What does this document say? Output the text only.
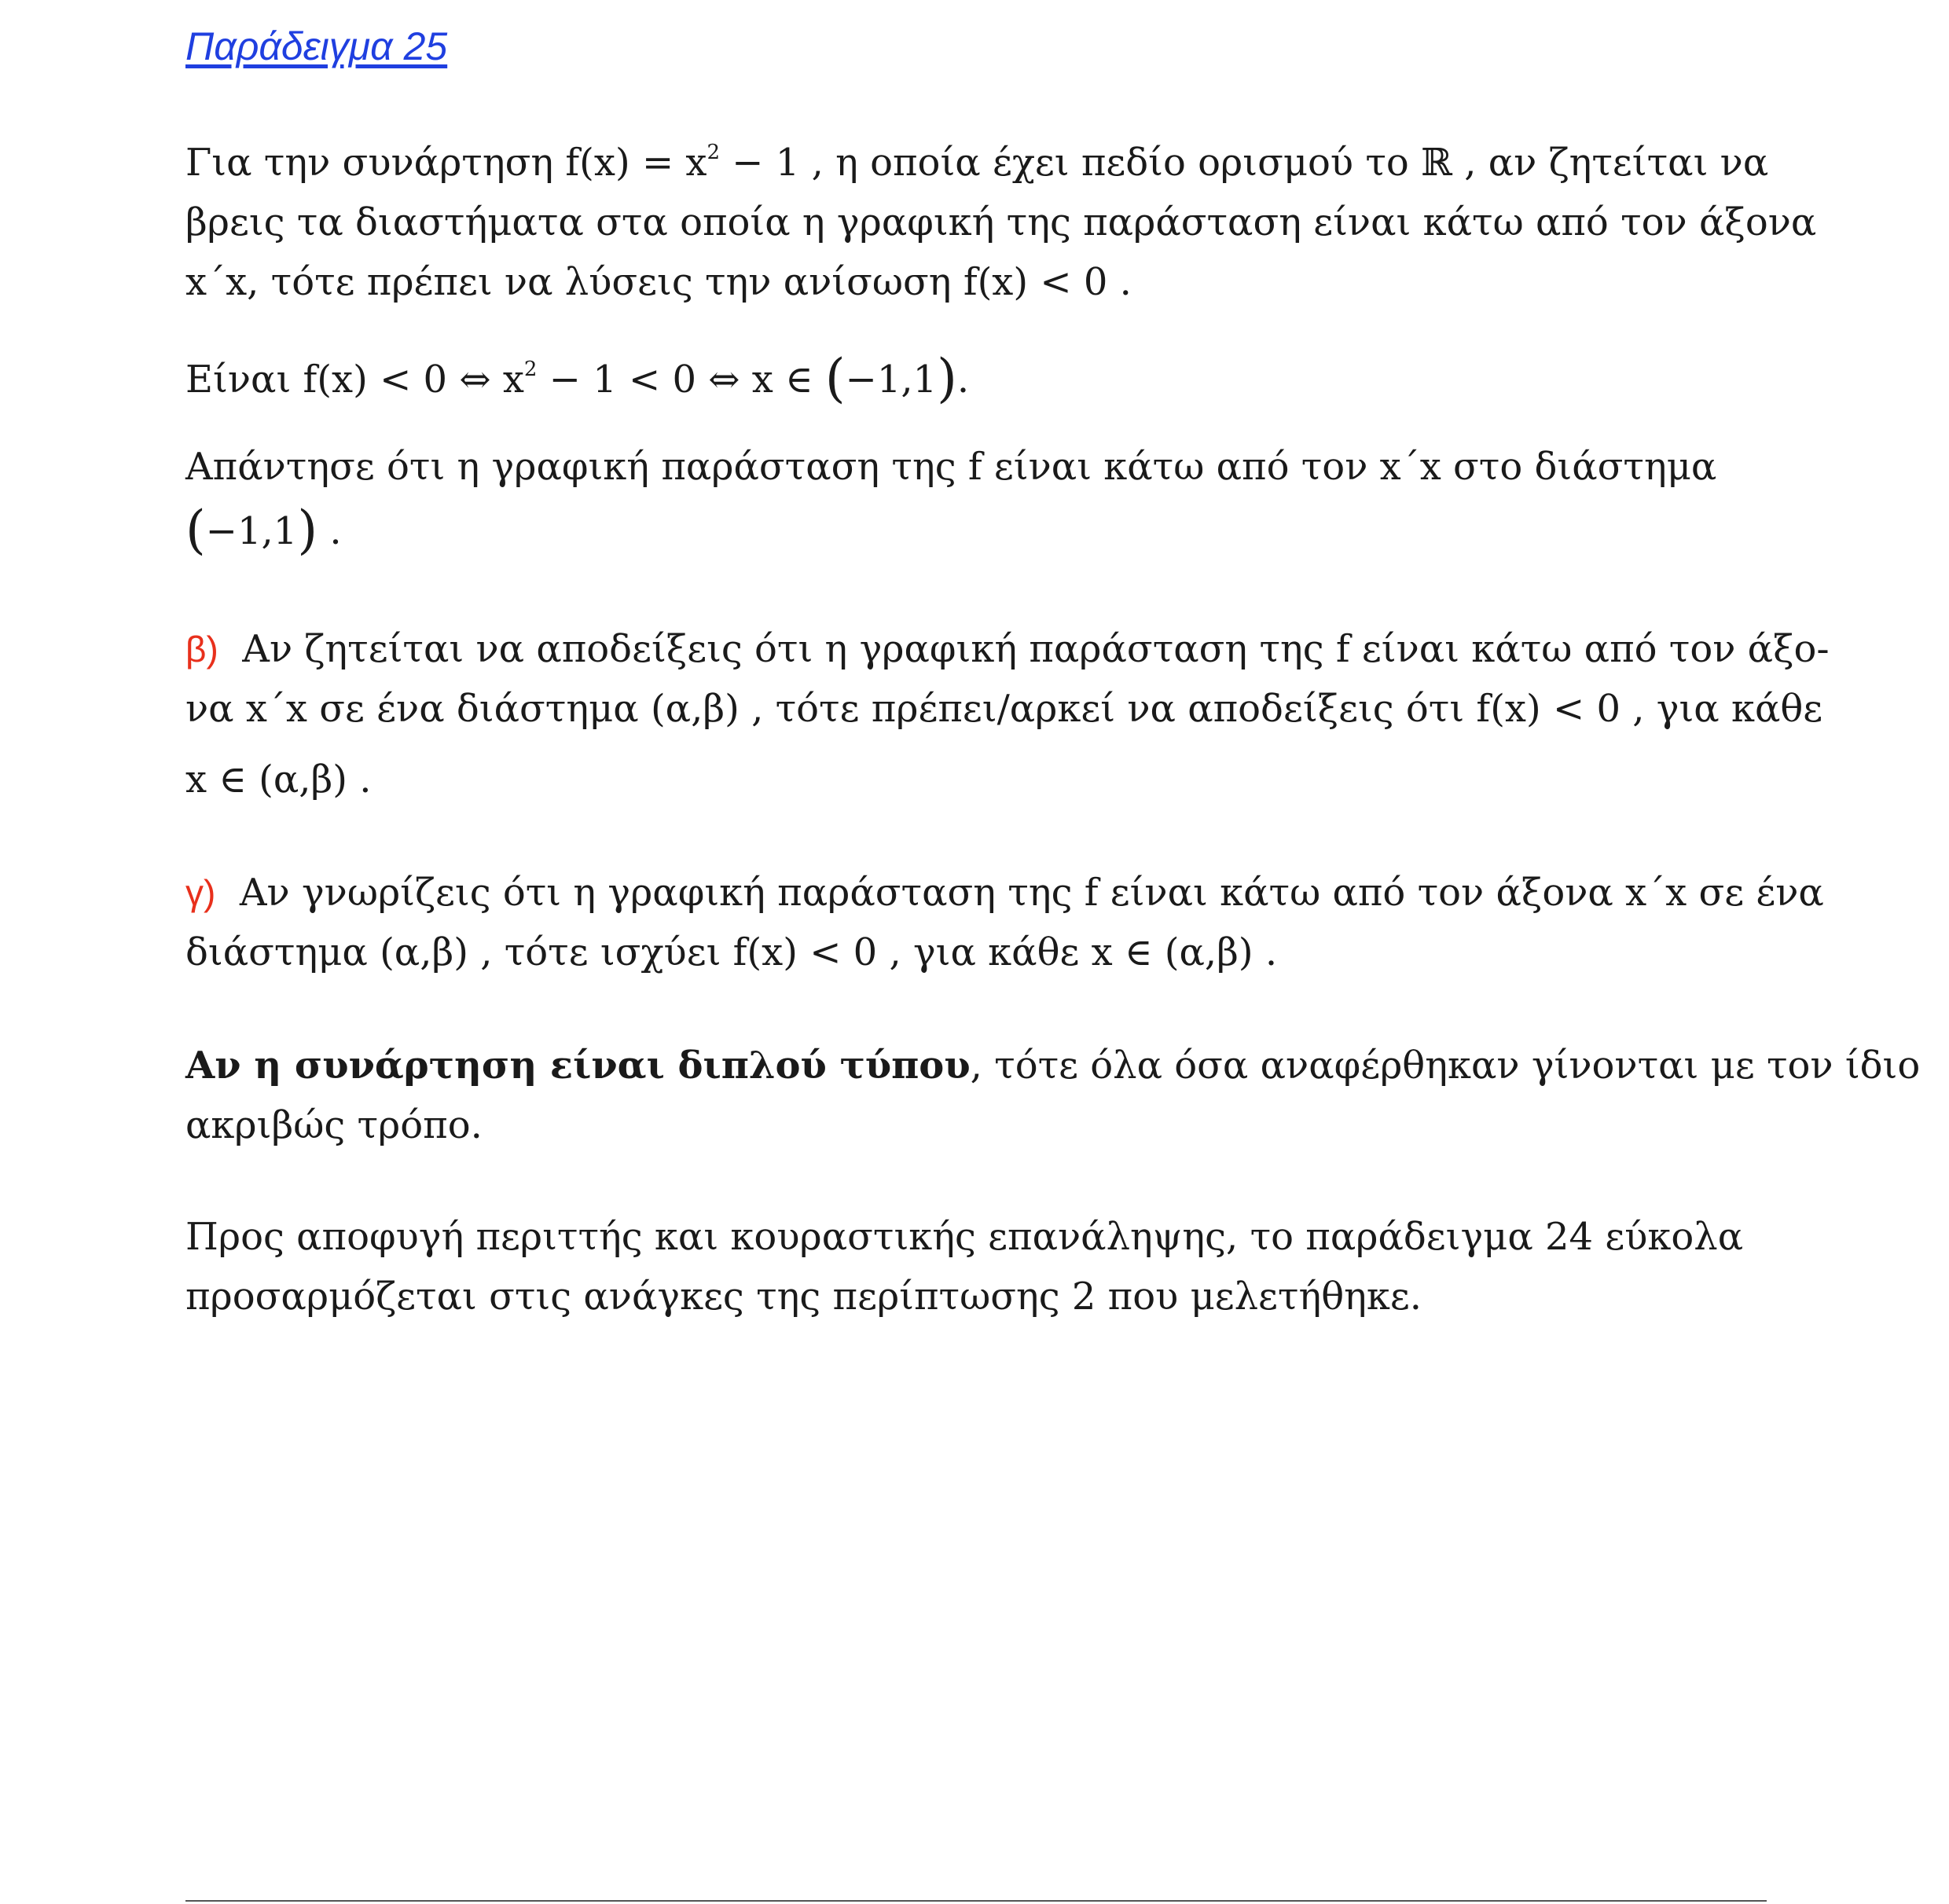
Παράδειγμα 25
Για την συνάρτηση $f(x) = x^2 - 1$ , η οποία έχει πεδίο ορισμού το ℝ , αν ζητείται να
βρεις τα διαστήματα στα οποία η γραφική της παράσταση είναι κάτω από τον άξονα
x΄x, τότε πρέπει να λύσεις την ανίσωση f(x) < 0 .
Είναι f(x) < 0 ⇔ $x^2 - 1 < 0$ ⇔ x ∈ (−1,1).
Απάντησε ότι η γραφική παράσταση της f είναι κάτω από τον x΄x στο διάστημα
(−1,1) .
β) Αν ζητείται να αποδείξεις ότι η γραφική παράσταση της f είναι κάτω από τον άξο-
να x΄x σε ένα διάστημα (α,β) , τότε πρέπει/αρκεί να αποδείξεις ότι f(x) < 0 , για κάθε
x ∈ (α,β) .
γ) Αν γνωρίζεις ότι η γραφική παράσταση της f είναι κάτω από τον άξονα x΄x σε ένα
διάστημα (α,β) , τότε ισχύει f(x) < 0 , για κάθε x ∈ (α,β) .
Αν η συνάρτηση είναι διπλού τύπου, τότε όλα όσα αναφέρθηκαν γίνονται με τον ίδιο
ακριβώς τρόπο.
Προς αποφυγή περιττής και κουραστικής επανάληψης, το παράδειγμα 24 εύκολα
προσαρμόζεται στις ανάγκες της περίπτωσης 2 που μελετήθηκε.
